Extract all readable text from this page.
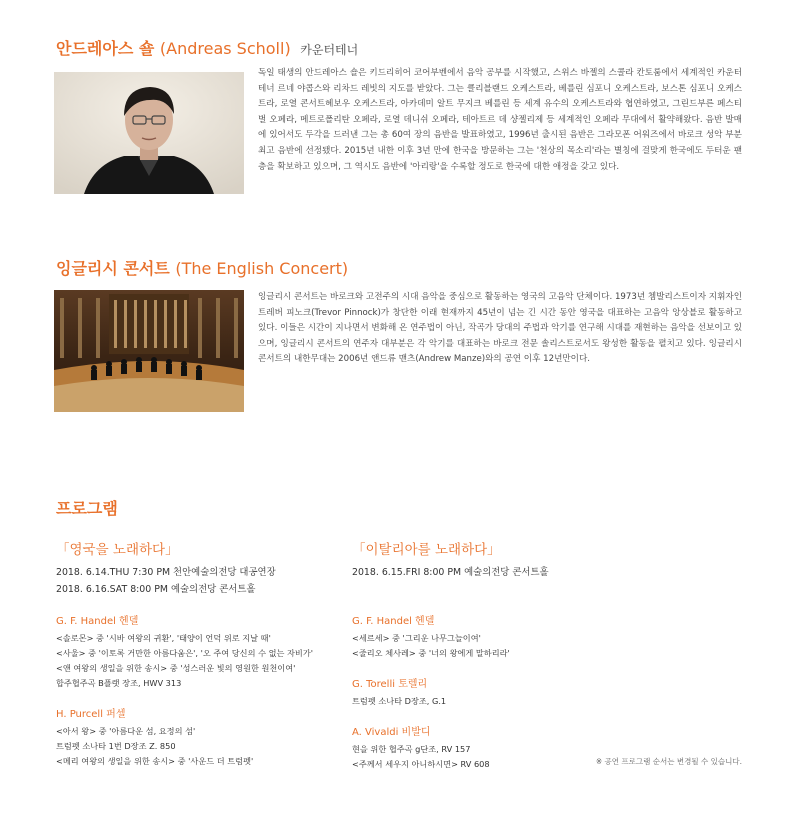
안드레아스 숄 (Andreas Scholl) 카운터테너
독일 태생의 안드레아스 숄은 키드리히어 코어부벤에서 음악 공부를 시작했고, 스위스 바젤의 스콜라 칸토룸에서 세계적인 카운터테너 르네 야콥스와 리차드 레빗의 지도를 받았다. 그는 클리블랜드 오케스트라, 베를린 심포니 오케스트라, 보스톤 심포니 오케스트라, 로열 콘서트헤보우 오케스트라, 아카데미 알트 무지크 베를린 등 세계 유수의 오케스트라와 협연하였고, 그린드부른 페스티벌 오페라, 메트로폴리탄 오페라, 로열 데니쉬 오페라, 테아트르 데 샹젤리제 등 세계적인 오페라 무대에서 활약해왔다. 음반 발매에 있어서도 두각을 드러낸 그는 총 60여 장의 음반을 발표하였고, 1996년 출시된 음반은 그라모폰 어워즈에서 바로크 성악 부분 최고 음반에 선정됐다. 2015년 내한 이후 3년 만에 한국을 방문하는 그는 '천상의 목소리'라는 별칭에 걸맞게 한국에도 두터운 팬층을 확보하고 있으며, 그 역시도 음반에 '아리랑'을 수록할 정도로 한국에 대한 애정을 갖고 있다.
잉글리시 콘서트 (The English Concert)
잉글리시 콘서트는 바로크와 고전주의 시대 음악을 중심으로 활동하는 영국의 고음악 단체이다. 1973년 쳄발리스트이자 지휘자인 트레버 피노크(Trevor Pinnock)가 창단한 이래 현재까지 45년이 넘는 긴 시간 동안 영국을 대표하는 고음악 앙상블로 활동하고 있다. 이들은 시간이 지나면서 변화해 온 연주법이 아닌, 작곡가 당대의 주법과 악기를 연구해 시대를 재현하는 음악을 선보이고 있으며, 잉글리시 콘서트의 연주자 대부분은 각 악기를 대표하는 바로크 전문 솔리스트로서도 왕성한 활동을 펼치고 있다. 잉글리시 콘서트의 내한무대는 2006년 앤드류 맨츠(Andrew Manze)와의 공연 이후 12년만이다.
프로그램
「영국을 노래하다」
2018. 6.14.THU 7:30 PM 천안예술의전당 대공연장
2018. 6.16.SAT 8:00 PM 예술의전당 콘서트홀
G. F. Handel 헨델
<솔로몬> 중 '시바 여왕의 귀환', '태양이 언덕 위로 지날 때'
<사울> 중 '이토록 거만한 아름다움은', '오 주여 당신의 수 없는 자비가'
<앤 여왕의 생일을 위한 송시> 중 '성스러운 빛의 영원한 원천이여'
합주협주곡 B플랫 장조, HWV 313
H. Purcell 퍼셀
<아서 왕> 중 '아름다운 섬, 요정의 섬'
트럼펫 소나타 1번 D장조 Z. 850
<메리 여왕의 생일을 위한 송시> 중 '사운드 더 트럼펫'
「이탈리아를 노래하다」
2018. 6.15.FRI 8:00 PM 예술의전당 콘서트홀
G. F. Handel 헨델
<세르세> 중 '그리운 나무그늘이여'
<줄리오 체사레> 중 '너의 왕에게 말하리라'
G. Torelli 토렐리
트럼펫 소나타 D장조, G.1
A. Vivaldi 비발디
현을 위한 협주곡 g단조, RV 157
<주께서 세우지 아니하시면> RV 608	※ 공연 프로그램 순서는 변경될 수 있습니다.
